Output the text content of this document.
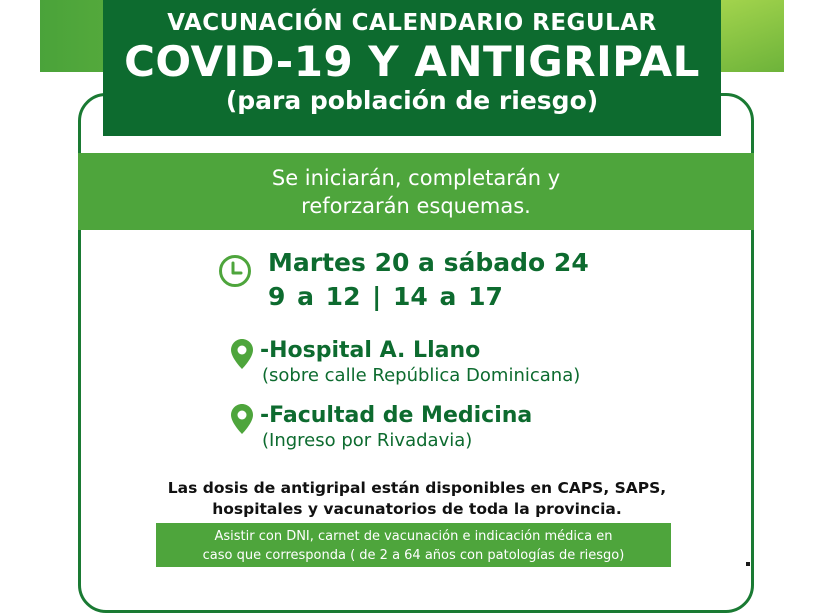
VACUNACIÓN CALENDARIO REGULAR
COVID-19 Y ANTIGRIPAL
(para población de riesgo)
Se iniciarán, completarán y
reforzarán esquemas.
Martes 20 a sábado 24
9 a 12 | 14 a 17
-Hospital A. Llano
(sobre calle República Dominicana)
-Facultad de Medicina
(Ingreso por Rivadavia)
Las dosis de antigripal están disponibles en CAPS, SAPS,
hospitales y vacunatorios de toda la provincia.
Asistir con DNI, carnet de vacunación e indicación médica en
caso que corresponda ( de 2 a 64 años con patologías de riesgo)
